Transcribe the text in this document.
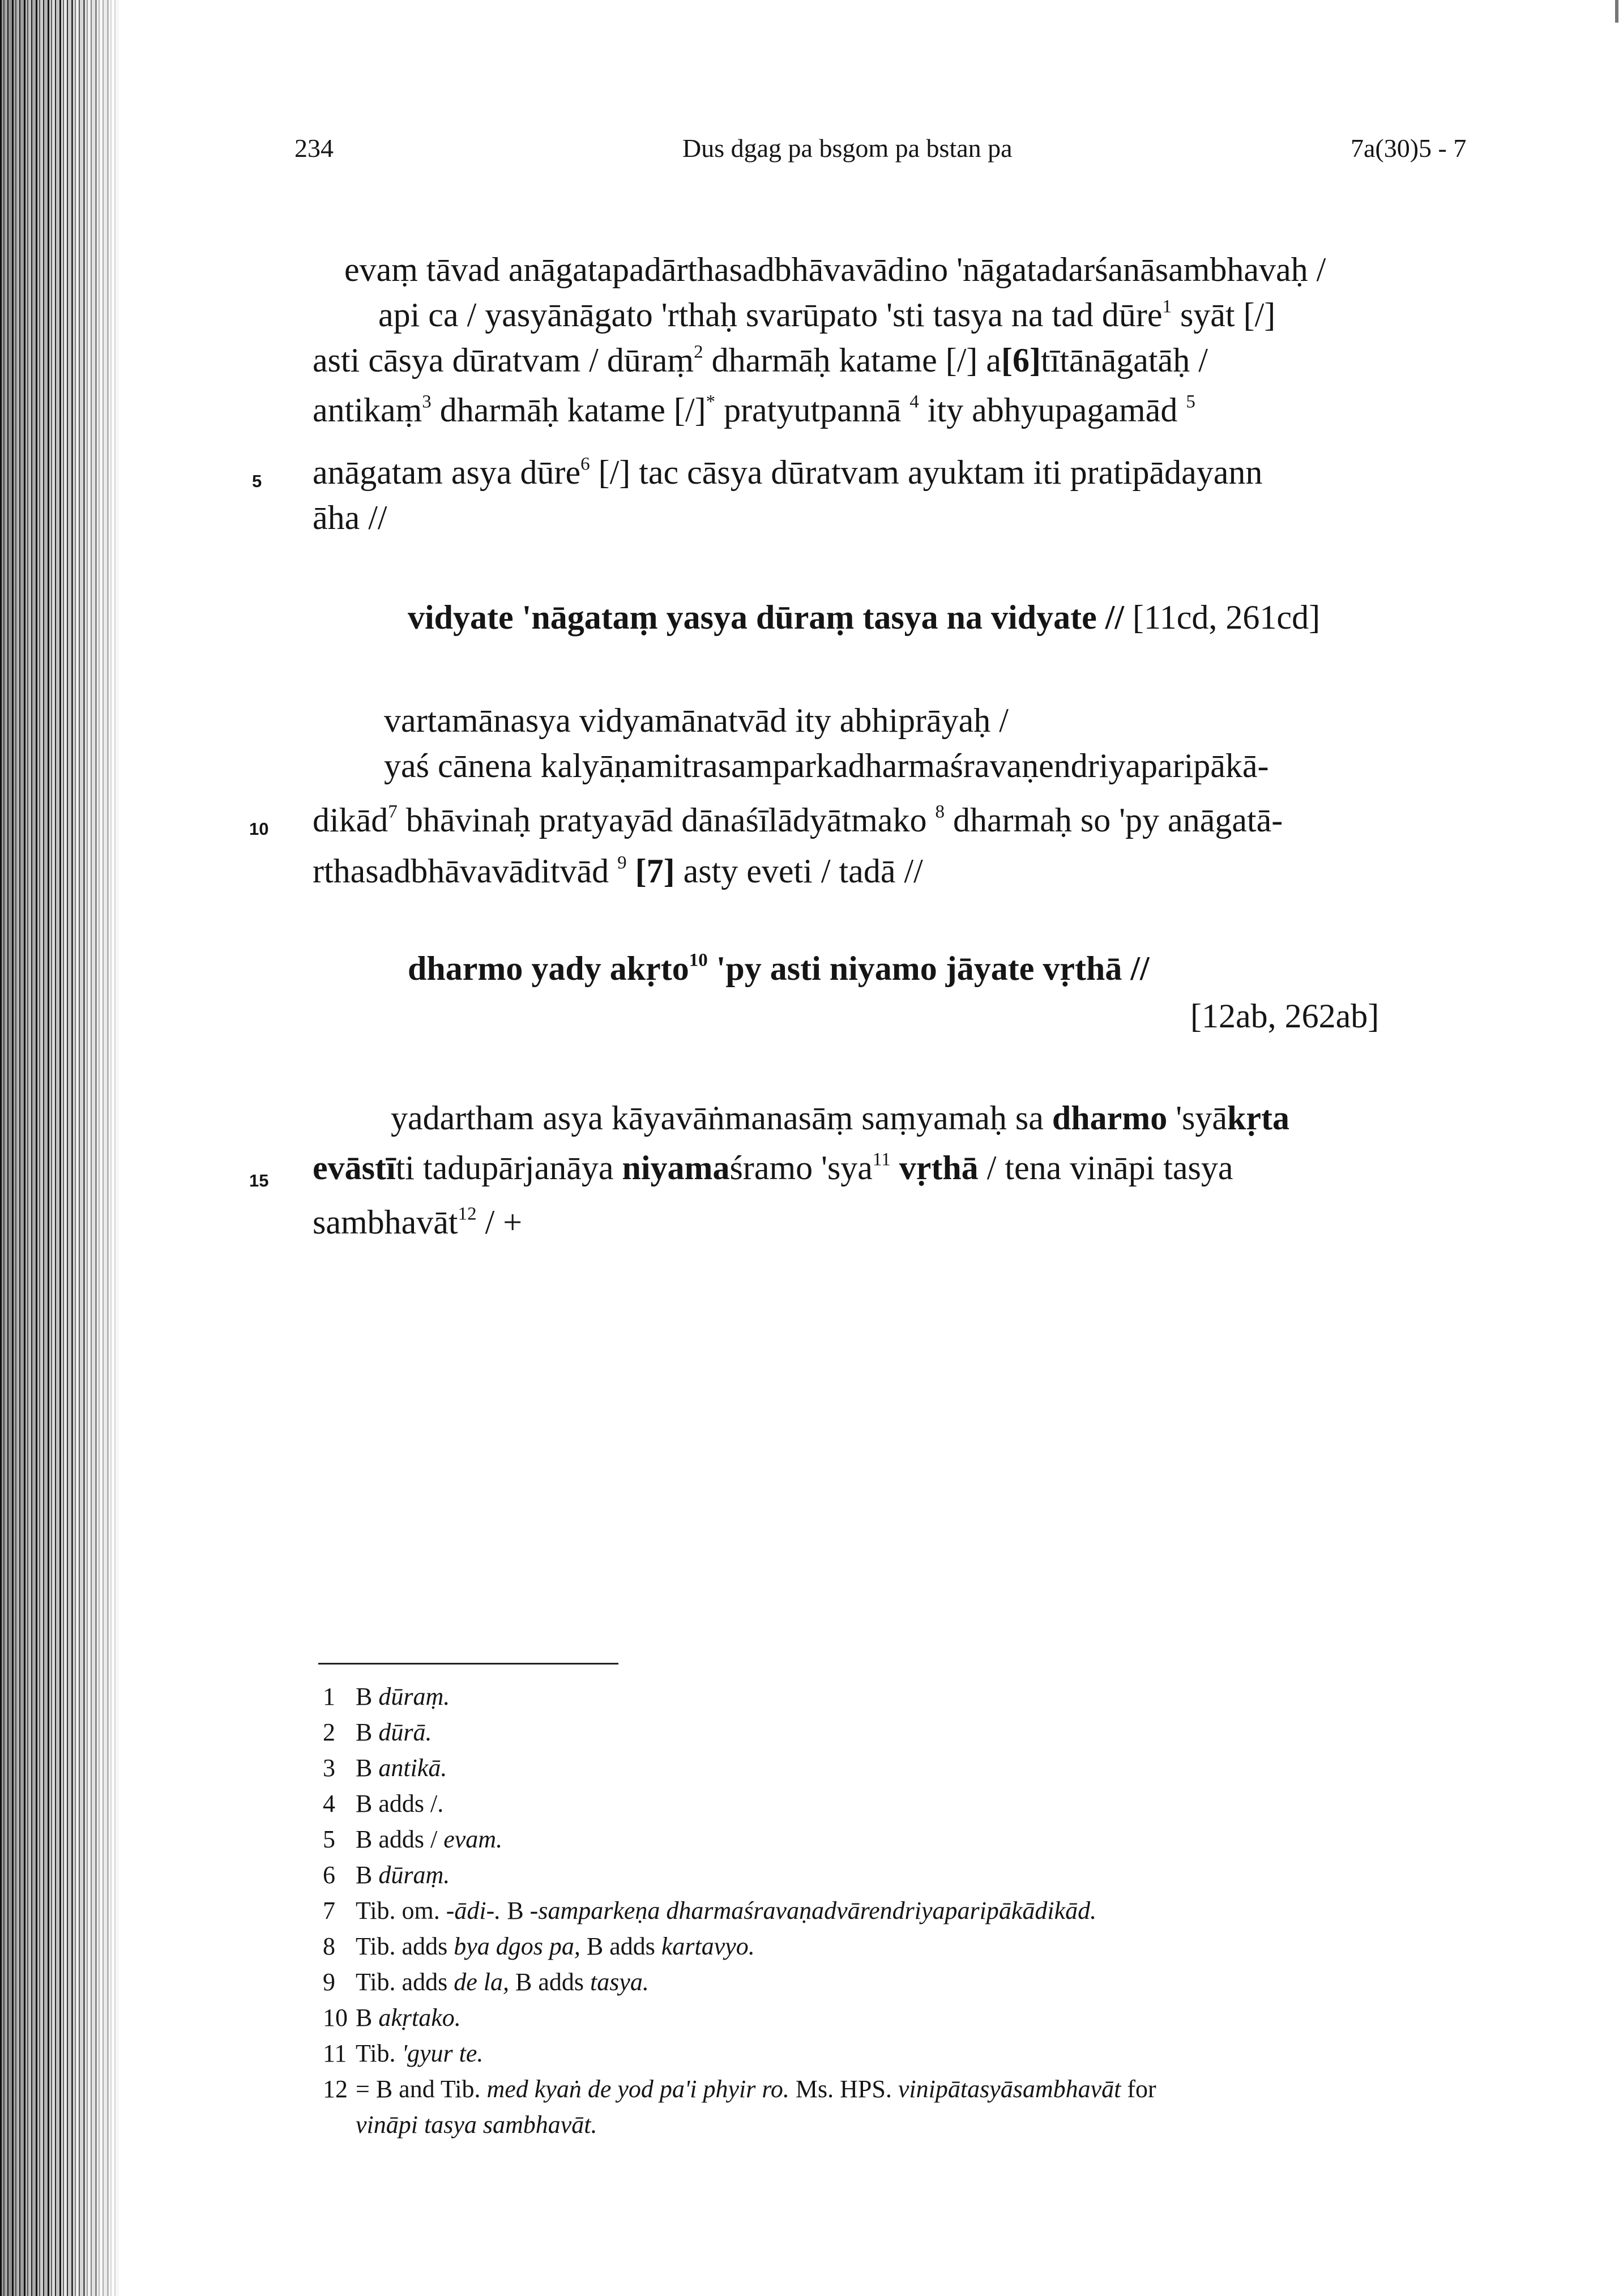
234	Dus dgag pa bsgom pa bstan pa	7a(30)5 - 7
5
10
15
evaṃ tāvad anāgatapadārthasadbhāvavādino 'nāgatadarśanāsambhavaḥ /
api ca / yasyānāgato 'rthaḥ svarūpato 'sti tasya na tad dūre$^1$ syāt [/]
asti cāsya dūratvam / dūraṃ$^2$ dharmāḥ katame [/] a[6]tītānāgatāḥ /
antikaṃ$^3$ dharmāḥ katame [/]* pratyutpannā $^4$ ity abhyupagamād $^5$
anāgatam asya dūre$^6$ [/] tac cāsya dūratvam ayuktam iti pratipādayann
āha //
vidyate 'nāgataṃ yasya dūraṃ tasya na vidyate // [11cd, 261cd]
vartamānasya vidyamānatvād ity abhiprāyaḥ /
yaś cānena kalyāṇamitrasamparkadharmaśravaṇendriyaparipākā-
dikād$^7$ bhāvinaḥ pratyayād dānaśīlādyātmako $^8$ dharmaḥ so 'py anāgatā-
rthasadbhāvavāditvād $^9$ [7] asty eveti / tadā //
dharmo yady akṛto$^{10}$ 'py asti niyamo jāyate vṛthā //
[12ab, 262ab]
yadartham asya kāyavāṅmanasāṃ saṃyamaḥ sa dharmo 'syākṛta
evāstīti tadupārjanāya niyamaśramo 'sya$^{11}$ vṛthā / tena vināpi tasya
sambhavāt$^{12}$ / +
1 B dūraṃ.
2 B dūrā.
3 B antikā.
4 B adds /.
5 B adds / evam.
6 B dūraṃ.
7 Tib. om. -ādi-. B -samparkeṇa dharmaśravaṇadvārendriyaparipākādikād.
8 Tib. adds bya dgos pa, B adds kartavyo.
9 Tib. adds de la, B adds tasya.
10 B akṛtako.
11 Tib. 'gyur te.
12 = B and Tib. med kyaṅ de yod pa'i phyir ro. Ms. HPS. vinipātasyāsambhavāt for
vināpi tasya sambhavāt.
